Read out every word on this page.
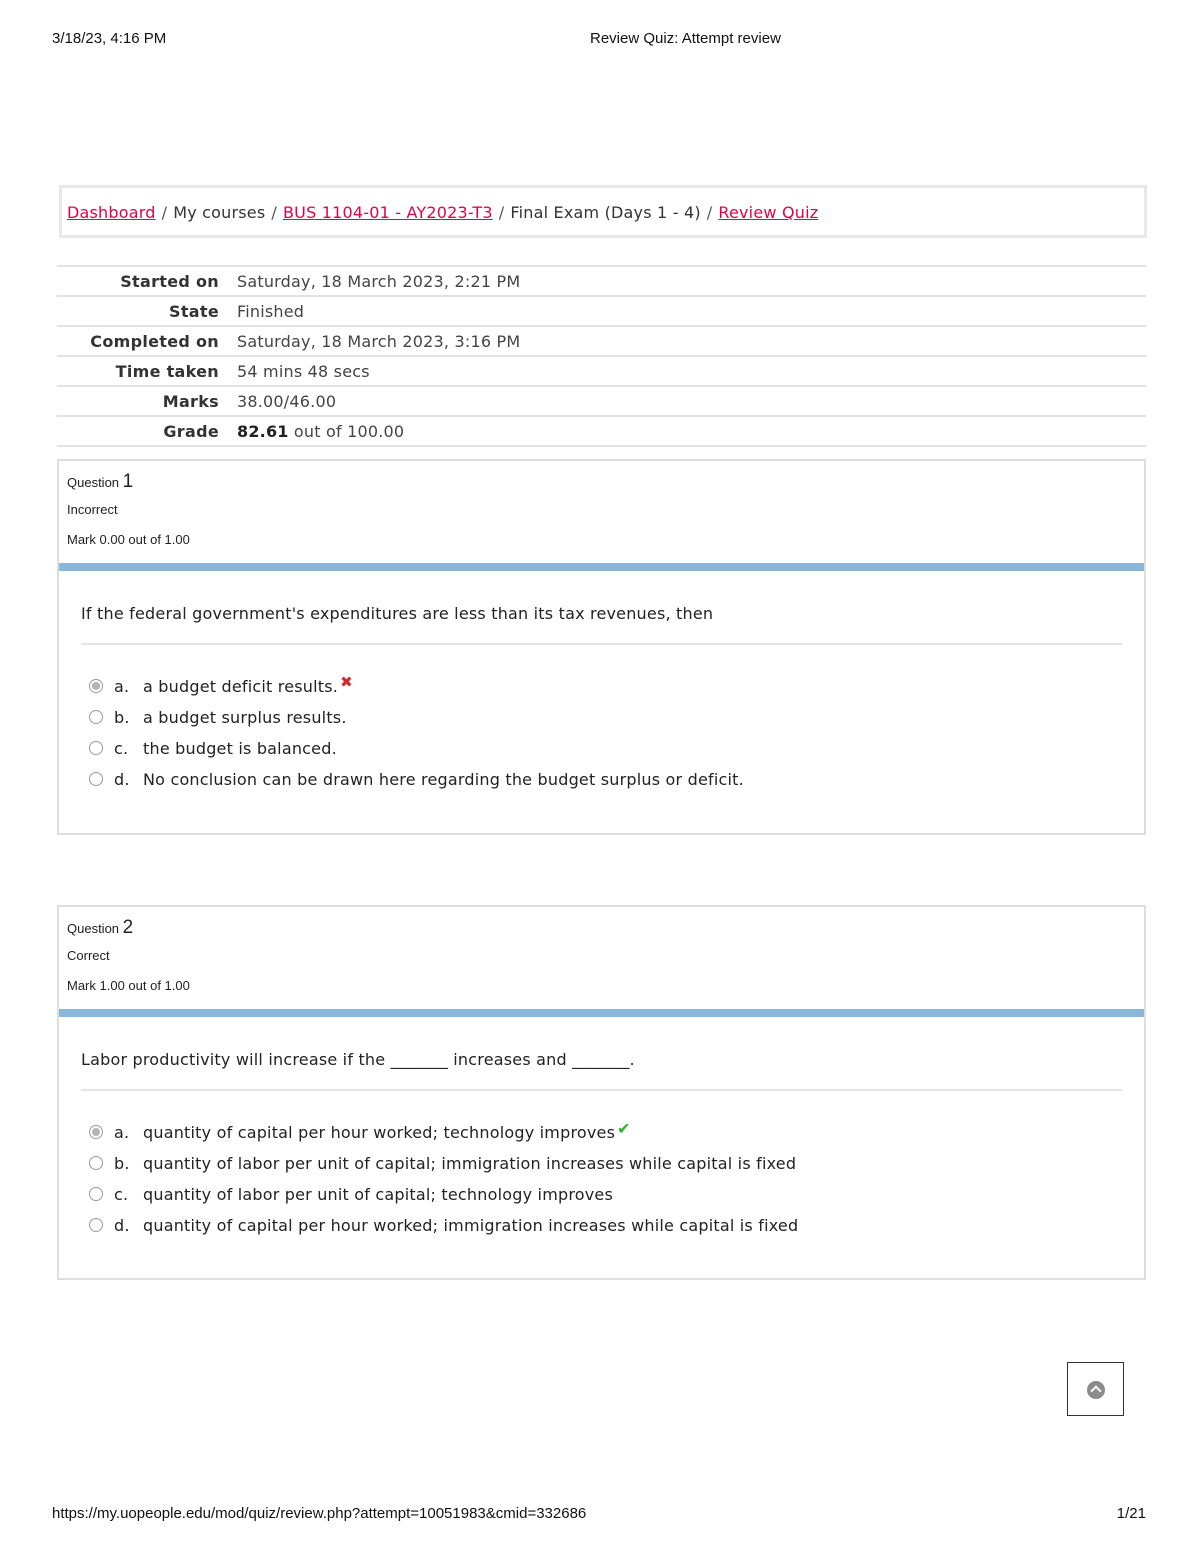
3/18/23, 4:16 PM	Review Quiz: Attempt review
Dashboard / My courses / BUS 1104-01 - AY2023-T3 / Final Exam (Days 1 - 4) / Review Quiz
Started on	Saturday, 18 March 2023, 2:21 PM
State	Finished
Completed on	Saturday, 18 March 2023, 3:16 PM
Time taken	54 mins 48 secs
Marks	38.00/46.00
Grade	82.61 out of 100.00
Question 1
Incorrect
Mark 0.00 out of 1.00
If the federal government's expenditures are less than its tax revenues, then
a. a budget deficit results. ✖
b. a budget surplus results.
c. the budget is balanced.
d. No conclusion can be drawn here regarding the budget surplus or deficit.
Question 2
Correct
Mark 1.00 out of 1.00
Labor productivity will increase if the _______ increases and _______.
a. quantity of capital per hour worked; technology improves ✔
b. quantity of labor per unit of capital; immigration increases while capital is fixed
c. quantity of labor per unit of capital; technology improves
d. quantity of capital per hour worked; immigration increases while capital is fixed
https://my.uopeople.edu/mod/quiz/review.php?attempt=10051983&cmid=332686	1/21
